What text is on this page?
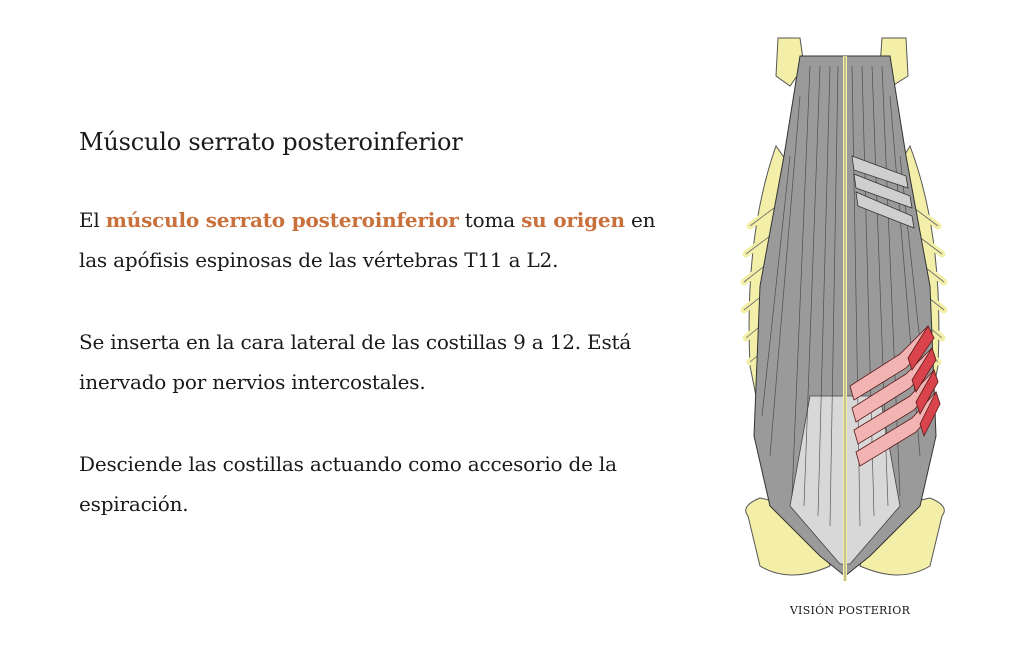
Músculo serrato posteroinferior

El músculo serrato posteroinferior toma su origen en las apófisis espinosas de las vértebras T11 a L2.

Se inserta en la cara lateral de las costillas 9 a 12. Está inervado por nervios intercostales.

Desciende las costillas actuando como accesorio de la espiración.

VISIÓN POSTERIOR
